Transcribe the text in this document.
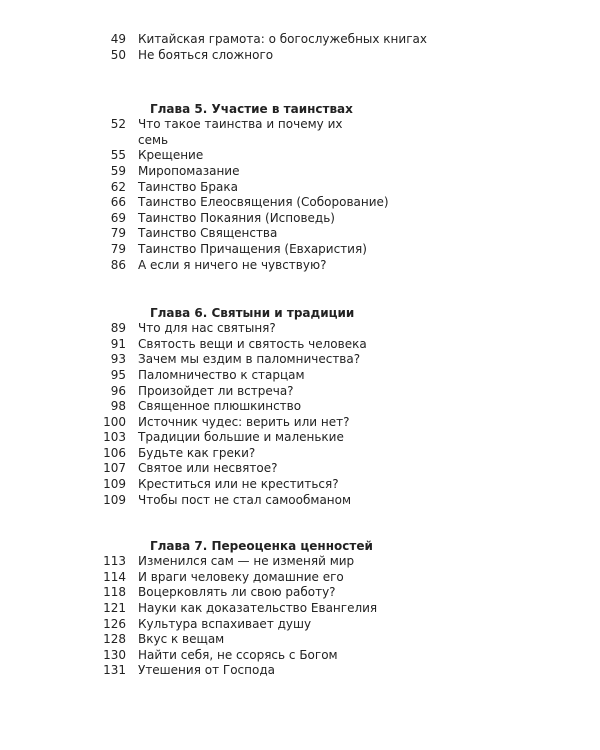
49	Китайская грамота: о богослужебных книгах
50	Не бояться сложного
Глава 5. Участие в таинствах
52	Что такое таинства и почему их семь
55	Крещение
59	Миропомазание
62	Таинство Брака
66	Таинство Елеосвящения (Соборование)
69	Таинство Покаяния (Исповедь)
79	Таинство Священства
79	Таинство Причащения (Евхаристия)
86	А если я ничего не чувствую?
Глава 6. Святыни и традиции
89	Что для нас святыня?
91	Святость вещи и святость человека
93	Зачем мы ездим в паломничества?
95	Паломничество к старцам
96	Произойдет ли встреча?
98	Священное плюшкинство
100	Источник чудес: верить или нет?
103	Традиции большие и маленькие
106	Будьте как греки?
107	Святое или несвятое?
109	Креститься или не креститься?
109	Чтобы пост не стал самообманом
Глава 7. Переоценка ценностей
113	Изменился сам — не изменяй мир
114	И враги человеку домашние его
118	Воцерковлять ли свою работу?
121	Науки как доказательство Евангелия
126	Культура вспахивает душу
128	Вкус к вещам
130	Найти себя, не ссорясь с Богом
131	Утешения от Господа
